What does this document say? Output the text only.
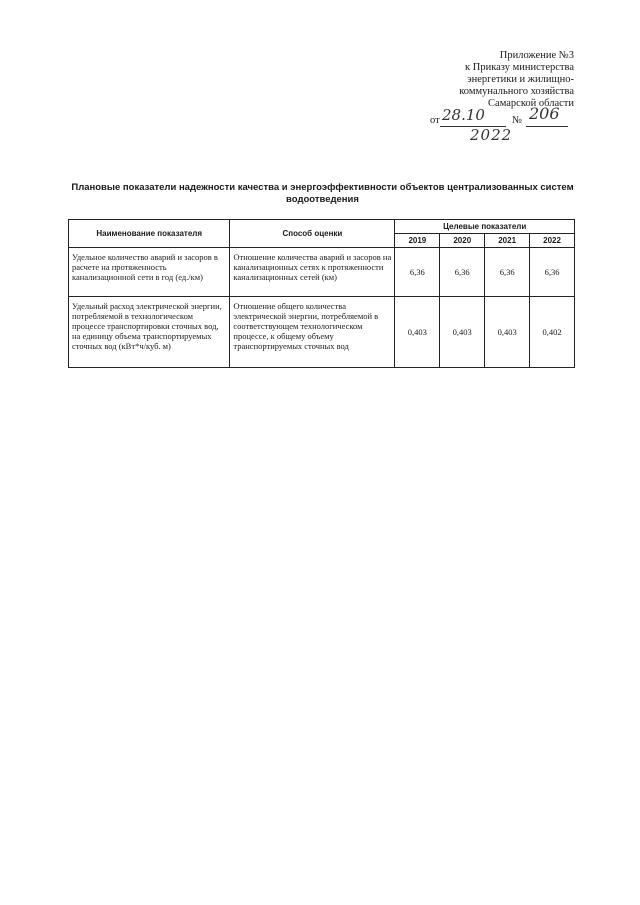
Приложение №3
к Приказу министерства
энергетики и жилищно-
коммунального хозяйства
Самарской области
от 28.10	№ 206
2022
Плановые показатели надежности качества и энергоэффективности объектов централизованных систем
водоотведения
Наименование показателя	Способ оценки	Целевые показатели			
		2019	2020	2021	2022
Удельное количество аварий и засоров в расчете на протяженность канализационной сети в год (ед./км)	Отношение количества аварий и засоров на канализационных сетях к протяженности канализационных сетей (км)	6,36	6,36	6,36	6,36
Удельный расход электрической энергии, потребляемой в технологическом процессе транспортировки сточных вод, на единицу объема транспортируемых сточных вод (кВт*ч/куб. м)	Отношение общего количества электрической энергии, потребляемой в соответствующем технологическом процессе, к общему объему транспортируемых сточных вод	0,403	0,403	0,403	0,402
